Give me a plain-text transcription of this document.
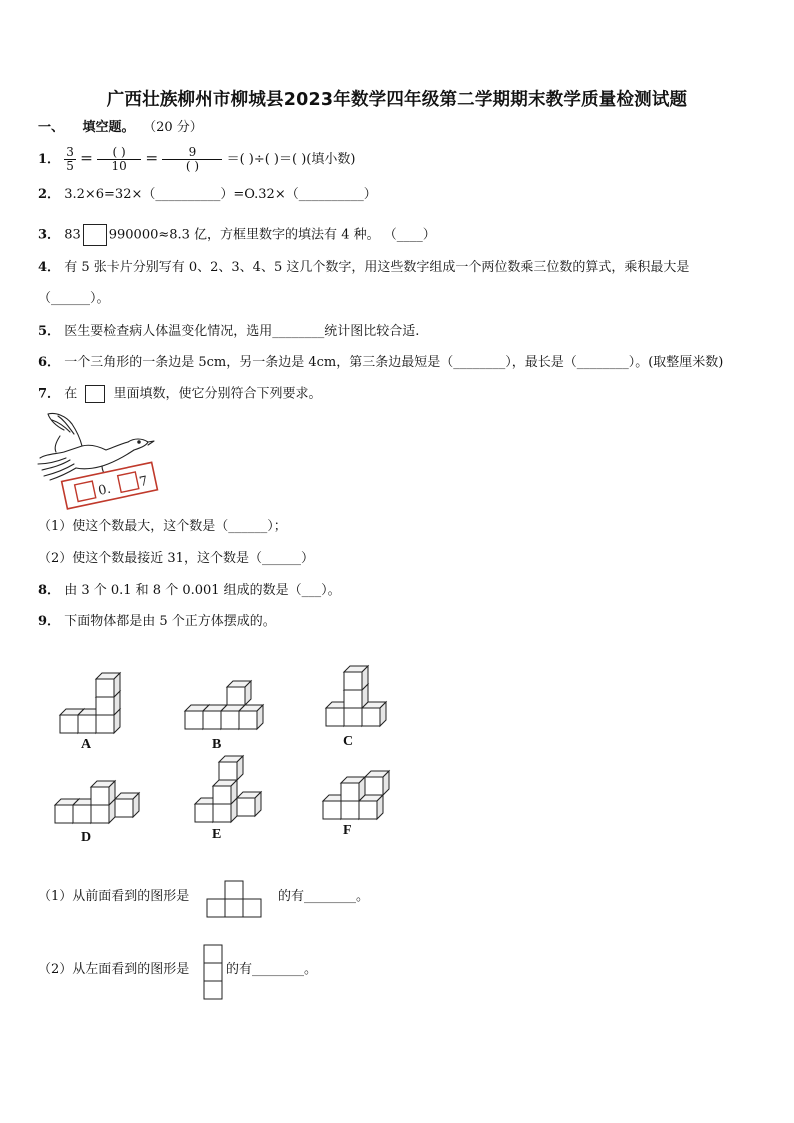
广西壮族柳州市柳城县2023年数学四年级第二学期期末教学质量检测试题
一、 填空题。 （20 分）
1． $\frac{3}{5} = \frac{( )}{10} = \frac{9}{( )}$ ＝( )÷( )＝( )(填小数)
2． 3.2×6=32×（__________）=O.32×（__________）
3． 83 990000≈8.3 亿，方框里数字的填法有 4 种。 （____）
4． 有 5 张卡片分别写有 0、2、3、4、5 这几个数字，用这些数字组成一个两位数乘三位数的算式，乘积最大是
（______）。
5． 医生要检查病人体温变化情况，选用________统计图比较合适.
6． 一个三角形的一条边是 5cm，另一条边是 4cm，第三条边最短是（________），最长是（________）。(取整厘米数)
7． 在	里面填数，使它分别符合下列要求。
0. 7
（1）使这个数最大，这个数是（______）；
（2）使这个数最接近 31，这个数是（______）
8． 由 3 个 0.1 和 8 个 0.001 组成的数是（___）。
9． 下面物体都是由 5 个正方体摆成的。
A	B	C
D	E	F
（1）从前面看到的图形是	的有________。
（2）从左面看到的图形是	的有________。
